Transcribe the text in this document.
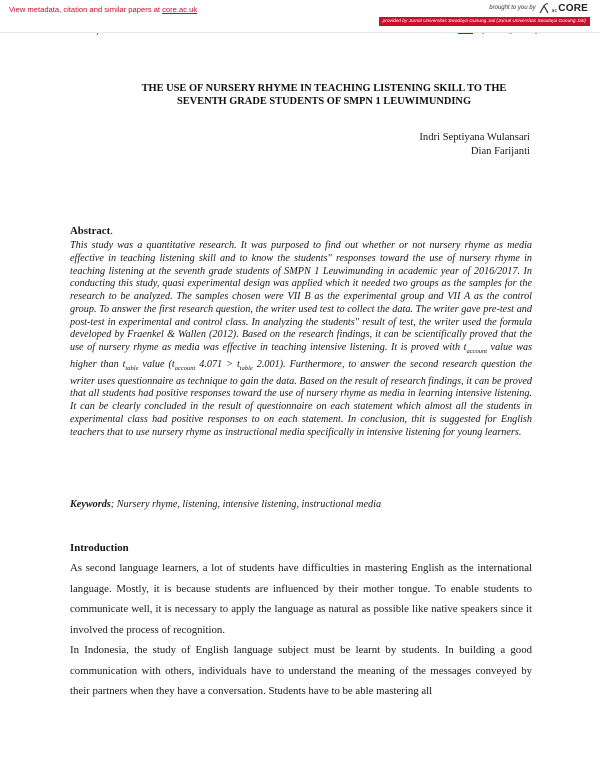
View metadata, citation and similar papers at core.ac.uk	brought to you by	acCORE
provided by Jurnal Universitas Swadaya Gunung Jati (Jurnal Universitas Swadaya Gunung Jati)
THE USE OF NURSERY RHYME IN TEACHING LISTENING SKILL TO THE
SEVENTH GRADE STUDENTS OF SMPN 1 LEUWIMUNDING
Indri Septiyana Wulansari
Dian Farijanti
Abstract.

This study was a quantitative research. It was purposed to find out whether or not nursery rhyme as media effective in teaching listening skill and to know the students" responses toward the use of nursery rhyme in teaching listening at the seventh grade students of SMPN 1 Leuwimunding in academic year of 2016/2017. In conducting this study, quasi experimental design was applied which it needed two groups as the samples for the research to be analyzed. The samples chosen were VII B as the experimental group and VII A as the control group. To answer the first research question, the writer used test to collect the data. The writer gave pre-test and post-test in experimental and control class. In analyzing the students" result of test, the writer used the formula developed by Fraenkel & Wallen (2012). Based on the research findings, it can be scientifically proved that the use of nursery rhyme as media was effective in teaching intensive listening. It is proved with $t_{account}$ value was higher than $t_{table}$ value ($t_{account}$ $4.071 > t_{table}$ 2.001). Furthermore, to answer the second research question the writer uses questionnaire as technique to gain the data. Based on the result of research findings, it can be proved that all students had positive responses toward the use of nursery rhyme as media in learning intensive listening. It can be clearly concluded in the result of questionnaire on each statement which almost all the students in experimental class had positive responses to on each statement. In conclusion, thit is suggested for English teachers that to use nursery rhyme as instructional media specifically in intensive listening for young learners.

Keywords; Nursery rhyme, listening, intensive listening, instructional media

Introduction

As second language learners, a lot of students have difficulties in mastering English as the international language. Mostly, it is because students are influenced by their mother tongue. To enable students to communicate well, it is necessary to apply the language as natural as possible like native speakers since it involved the process of recognition.

In Indonesia, the study of English language subject must be learnt by students. In building a good communication with others, individuals have to understand the meaning of the messages conveyed by their partners when they have a conversation. Students have to be able mastering all
